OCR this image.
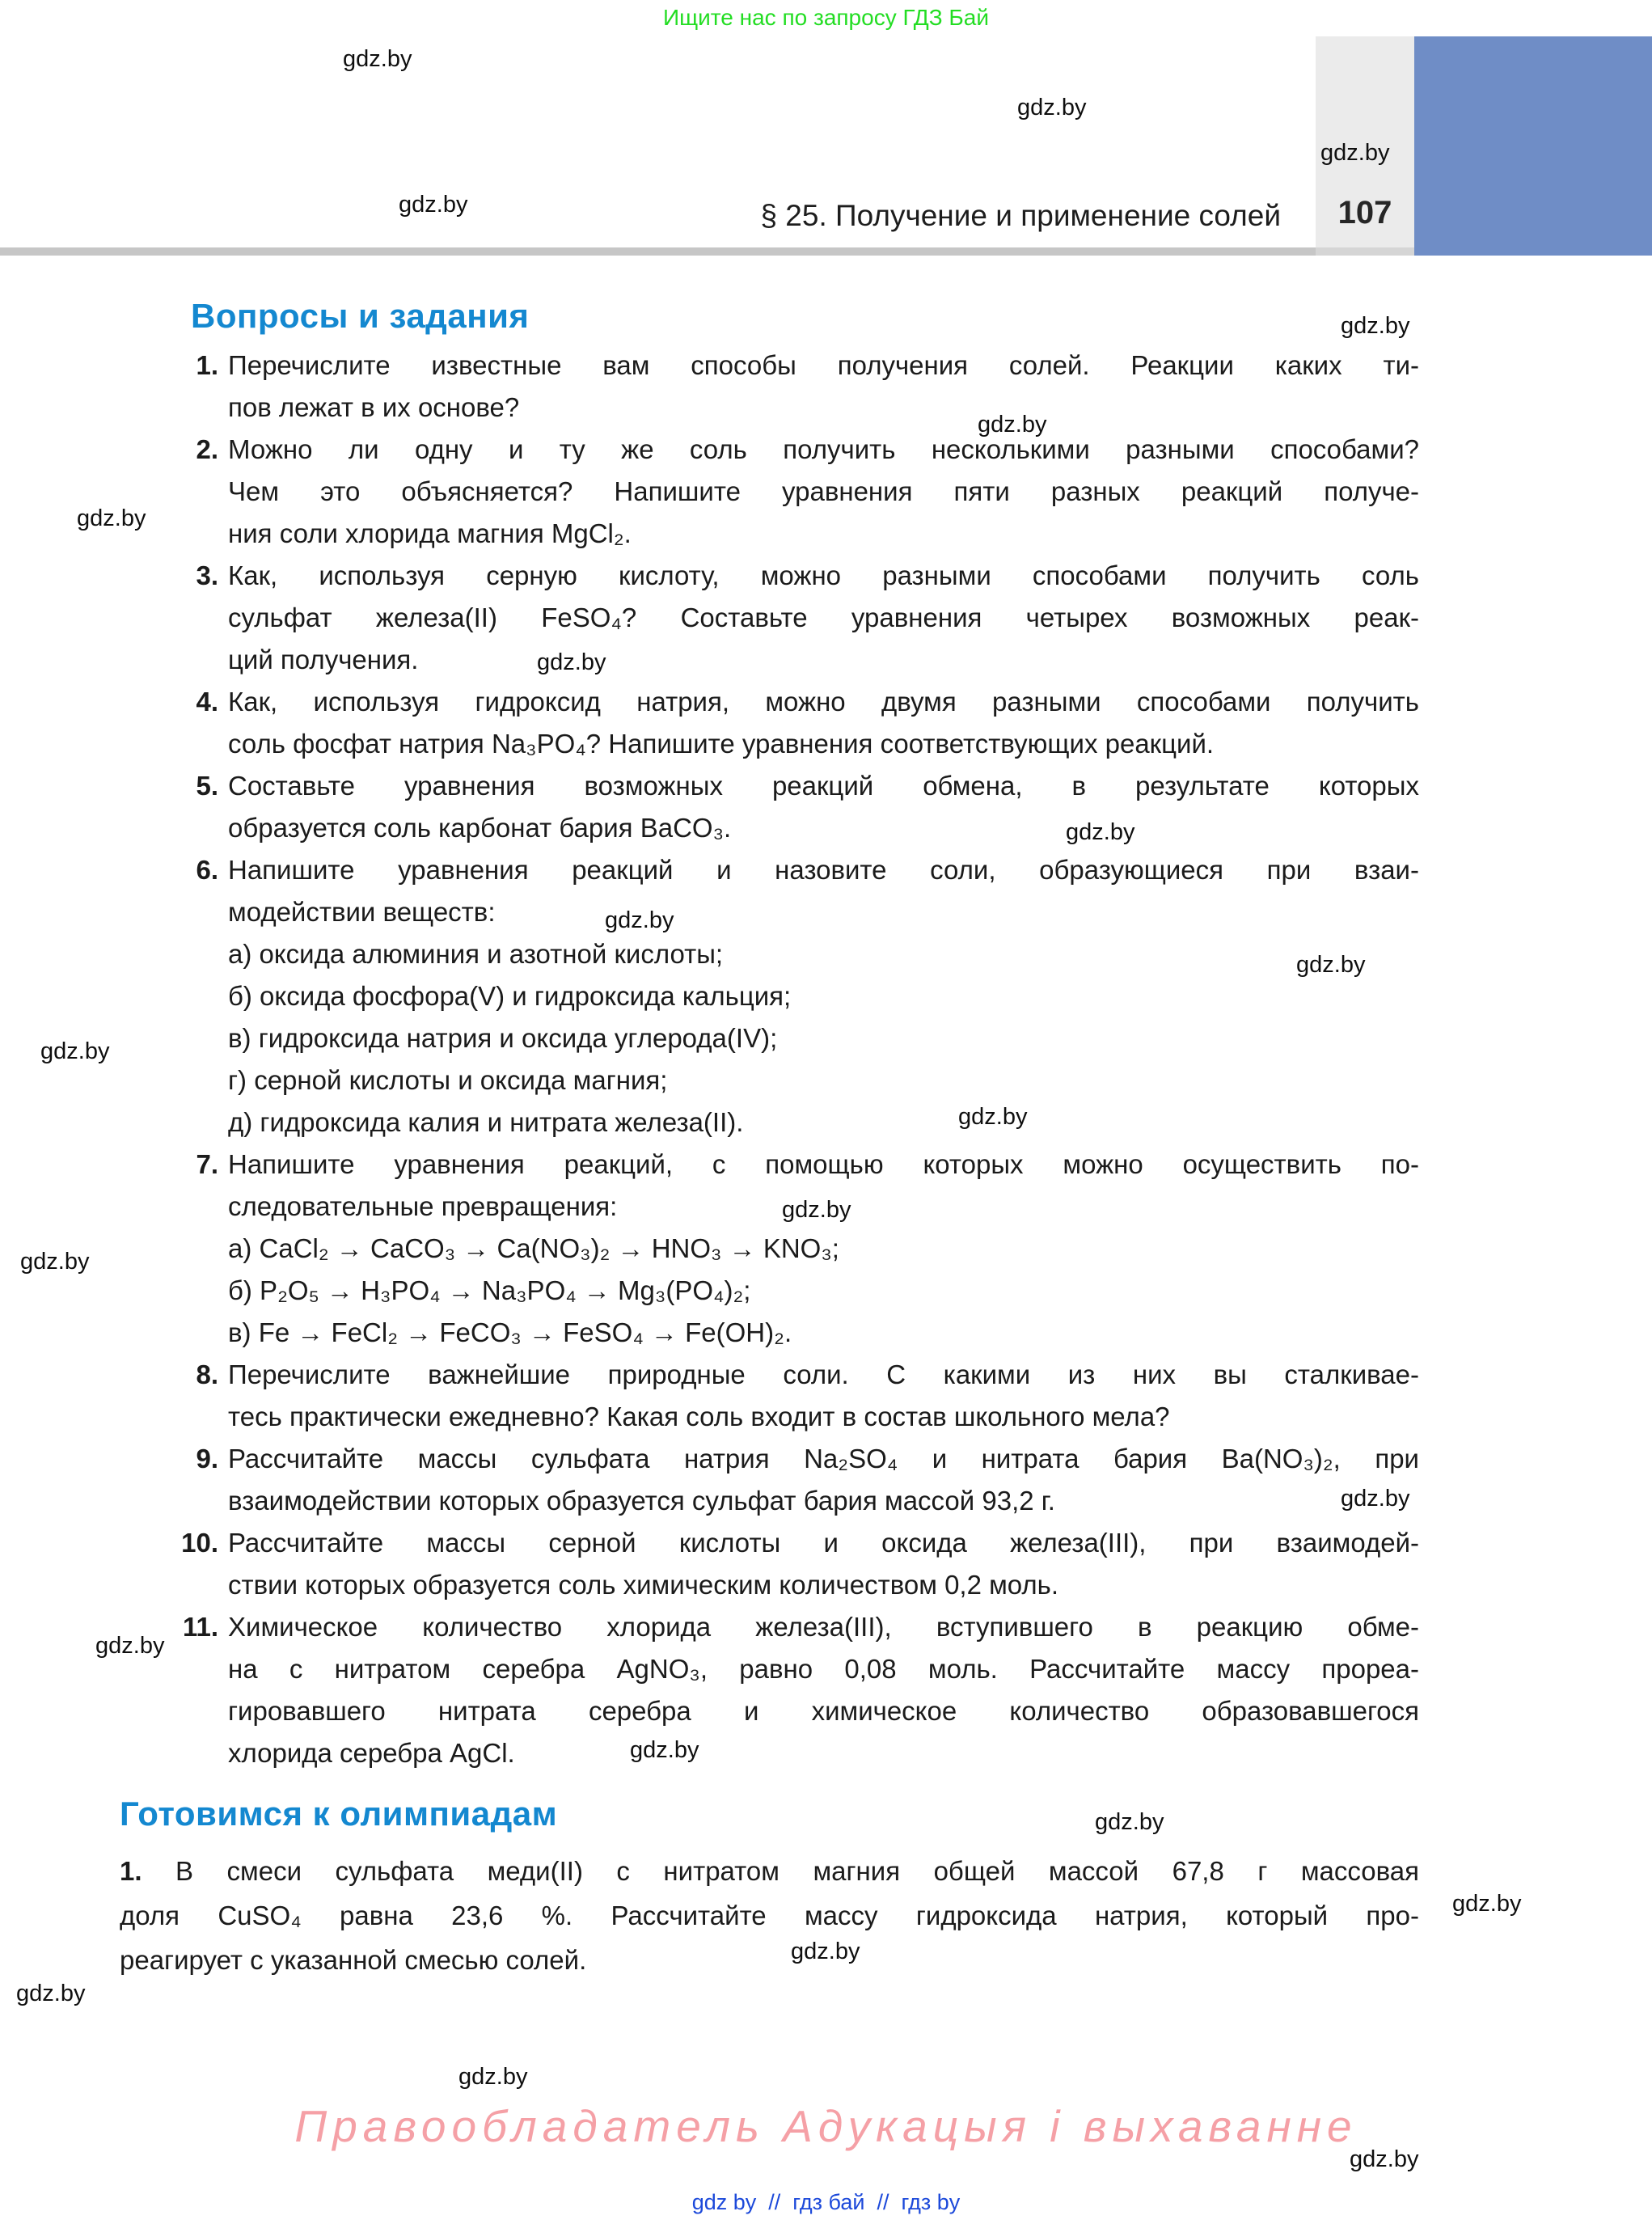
Ищите нас по запросу ГДЗ Бай
§ 25. Получение и применение солей	107
Вопросы и задания
1. Перечислите известные вам способы получения солей. Реакции каких ти-
пов лежат в их основе?
2. Можно ли одну и ту же соль получить несколькими разными способами?
Чем это объясняется? Напишите уравнения пяти разных реакций получе-
ния соли хлорида магния MgCl₂.
3. Как, используя серную кислоту, можно разными способами получить соль
сульфат железа(II) FeSO₄? Составьте уравнения четырех возможных реак-
ций получения.
4. Как, используя гидроксид натрия, можно двумя разными способами получить
соль фосфат натрия Na₃PO₄? Напишите уравнения соответствующих реакций.
5. Составьте уравнения возможных реакций обмена, в результате которых
образуется соль карбонат бария BaCO₃.
6. Напишите уравнения реакций и назовите соли, образующиеся при взаи-
модействии веществ:
а) оксида алюминия и азотной кислоты;
б) оксида фосфора(V) и гидроксида кальция;
в) гидроксида натрия и оксида углерода(IV);
г) серной кислоты и оксида магния;
д) гидроксида калия и нитрата железа(II).
7. Напишите уравнения реакций, с помощью которых можно осуществить по-
следовательные превращения:
а) CaCl₂ → CaCO₃ → Ca(NO₃)₂ → HNO₃ → KNO₃;
б) P₂O₅ → H₃PO₄ → Na₃PO₄ → Mg₃(PO₄)₂;
в) Fe → FeCl₂ → FeCO₃ → FeSO₄ → Fe(OH)₂.
8. Перечислите важнейшие природные соли. С какими из них вы сталкивае-
тесь практически ежедневно? Какая соль входит в состав школьного мела?
9. Рассчитайте массы сульфата натрия Na₂SO₄ и нитрата бария Ba(NO₃)₂, при
взаимодействии которых образуется сульфат бария массой 93,2 г.
10. Рассчитайте массы серной кислоты и оксида железа(III), при взаимодей-
ствии которых образуется соль химическим количеством 0,2 моль.
11. Химическое количество хлорида железа(III), вступившего в реакцию обме-
на с нитратом серебра AgNO₃, равно 0,08 моль. Рассчитайте массу прореа-
гировавшего нитрата серебра и химическое количество образовавшегося
хлорида серебра AgCl.
Готовимся к олимпиадам
1. В смеси сульфата меди(II) с нитратом магния общей массой 67,8 г массовая
доля CuSO₄ равна 23,6 %. Рассчитайте массу гидроксида натрия, который про-
реагирует с указанной смесью солей.
gdz.by
gdz.by
gdz.by
gdz.by
gdz.by
gdz.by
gdz.by
gdz.by
gdz.by
gdz.by
gdz.by
gdz.by
gdz.by
gdz.by
gdz.by
gdz.by
gdz.by
gdz.by
gdz.by
gdz.by
gdz.by
gdz.by
gdz.by
gdz.by
Правообладатель Адукацыя і выхаванне
gdz by  //  гдз бай  //  гдз by
